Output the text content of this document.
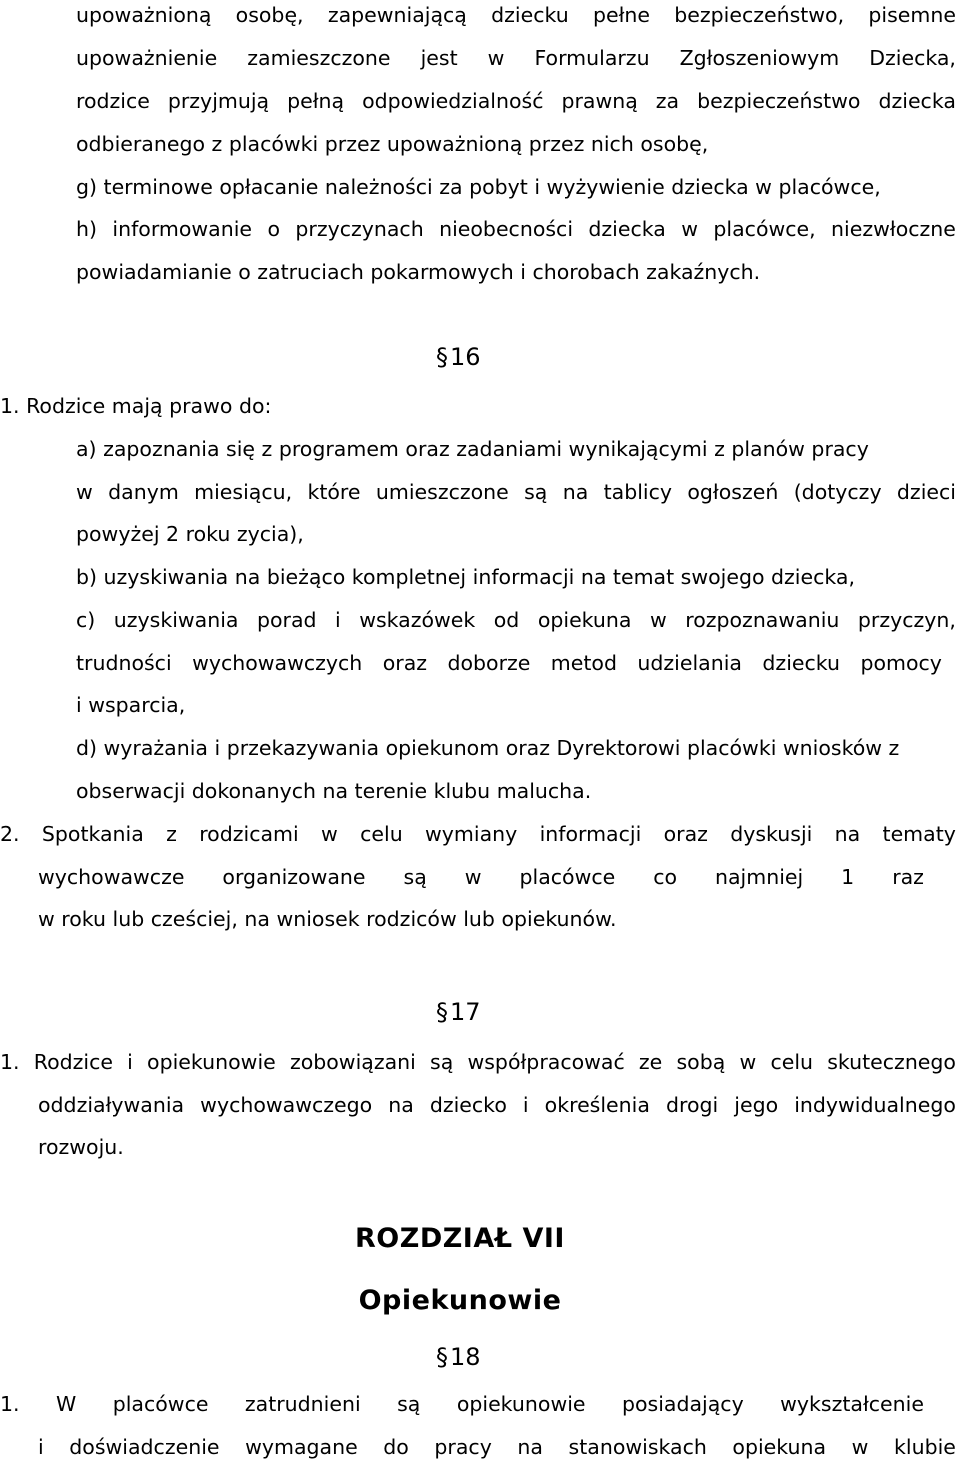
upoważnioną osobę, zapewniającą dziecku pełne bezpieczeństwo, pisemne
upoważnienie zamieszczone jest w Formularzu Zgłoszeniowym Dziecka,
rodzice przyjmują pełną odpowiedzialność prawną za bezpieczeństwo dziecka
odbieranego z placówki przez upoważnioną przez nich osobę,
g) terminowe opłacanie należności za pobyt i wyżywienie dziecka w placówce,
h) informowanie o przyczynach nieobecności dziecka w placówce, niezwłoczne
powiadamianie o zatruciach pokarmowych i chorobach zakaźnych.
§16
1. Rodzice mają prawo do:
a) zapoznania się z programem oraz zadaniami wynikającymi z planów pracy
w danym miesiącu, które umieszczone są na tablicy ogłoszeń (dotyczy dzieci
powyżej 2 roku zycia),
b) uzyskiwania na bieżąco kompletnej informacji na temat swojego dziecka,
c) uzyskiwania porad i wskazówek od opiekuna w rozpoznawaniu przyczyn,
trudności wychowawczych oraz doborze metod udzielania dziecku pomocy
i wsparcia,
d) wyrażania i przekazywania opiekunom oraz Dyrektorowi placówki wniosków z
obserwacji dokonanych na terenie klubu malucha.
2. Spotkania z rodzicami w celu wymiany informacji oraz dyskusji na tematy
wychowawcze organizowane są w placówce co najmniej 1 raz
w roku lub cześciej, na wniosek rodziców lub opiekunów.
§17
1. Rodzice i opiekunowie zobowiązani są współpracować ze sobą w celu skutecznego
oddziaływania wychowawczego na dziecko i określenia drogi jego indywidualnego
rozwoju.
ROZDZIAŁ VII
Opiekunowie
§18
1. W placówce zatrudnieni są opiekunowie posiadający wykształcenie
i doświadczenie wymagane do pracy na stanowiskach opiekuna w klubie
